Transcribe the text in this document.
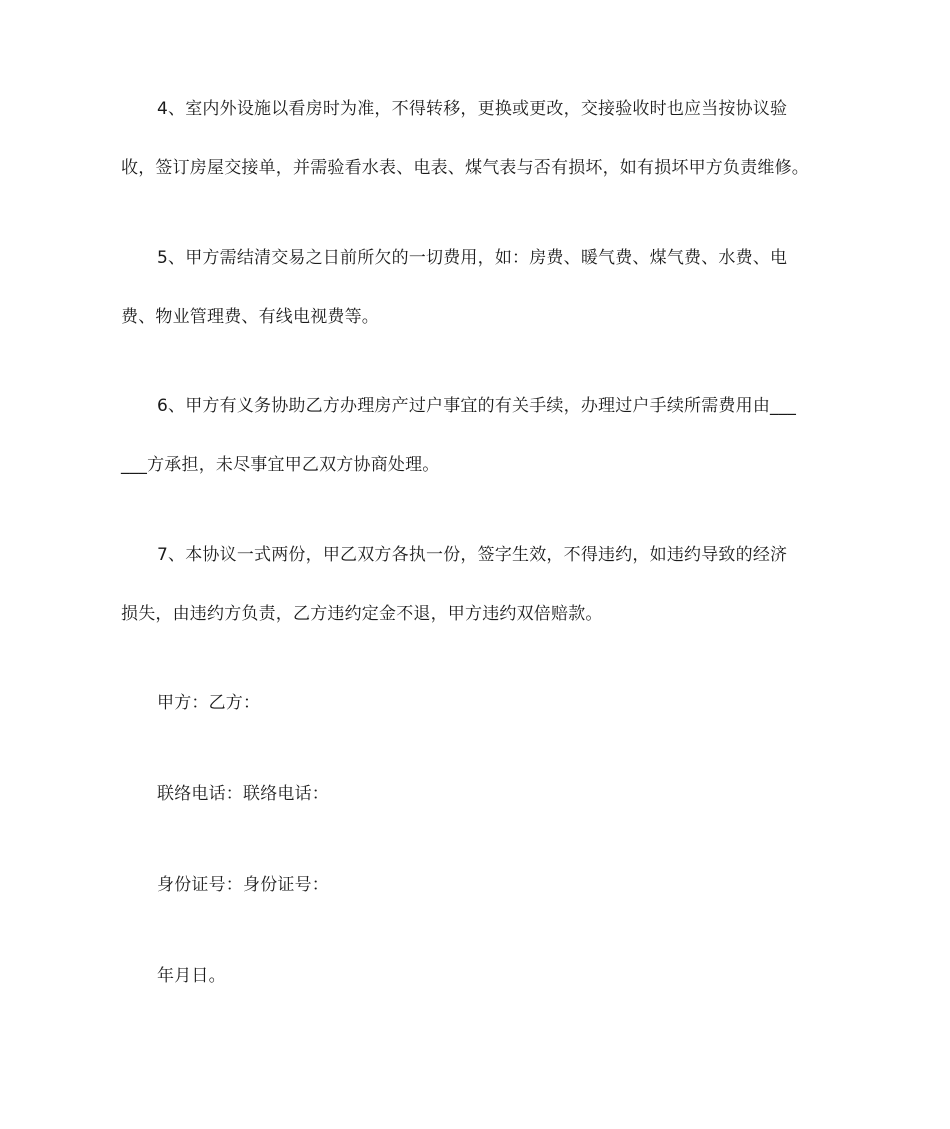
4、室内外设施以看房时为准，不得转移，更换或更改，交接验收时也应当按协议验

收，签订房屋交接单，并需验看水表、电表、煤气表与否有损坏，如有损坏甲方负责维修。

5、甲方需结清交易之日前所欠的一切费用，如：房费、暖气费、煤气费、水费、电

费、物业管理费、有线电视费等。

6、甲方有义务协助乙方办理房产过户事宜的有关手续，办理过户手续所需费用由___

___方承担，未尽事宜甲乙双方协商处理。

7、本协议一式两份，甲乙双方各执一份，签字生效，不得违约，如违约导致的经济

损失，由违约方负责，乙方违约定金不退，甲方违约双倍赔款。

甲方：乙方：

联络电话：联络电话：

身份证号：身份证号：

年月日。
